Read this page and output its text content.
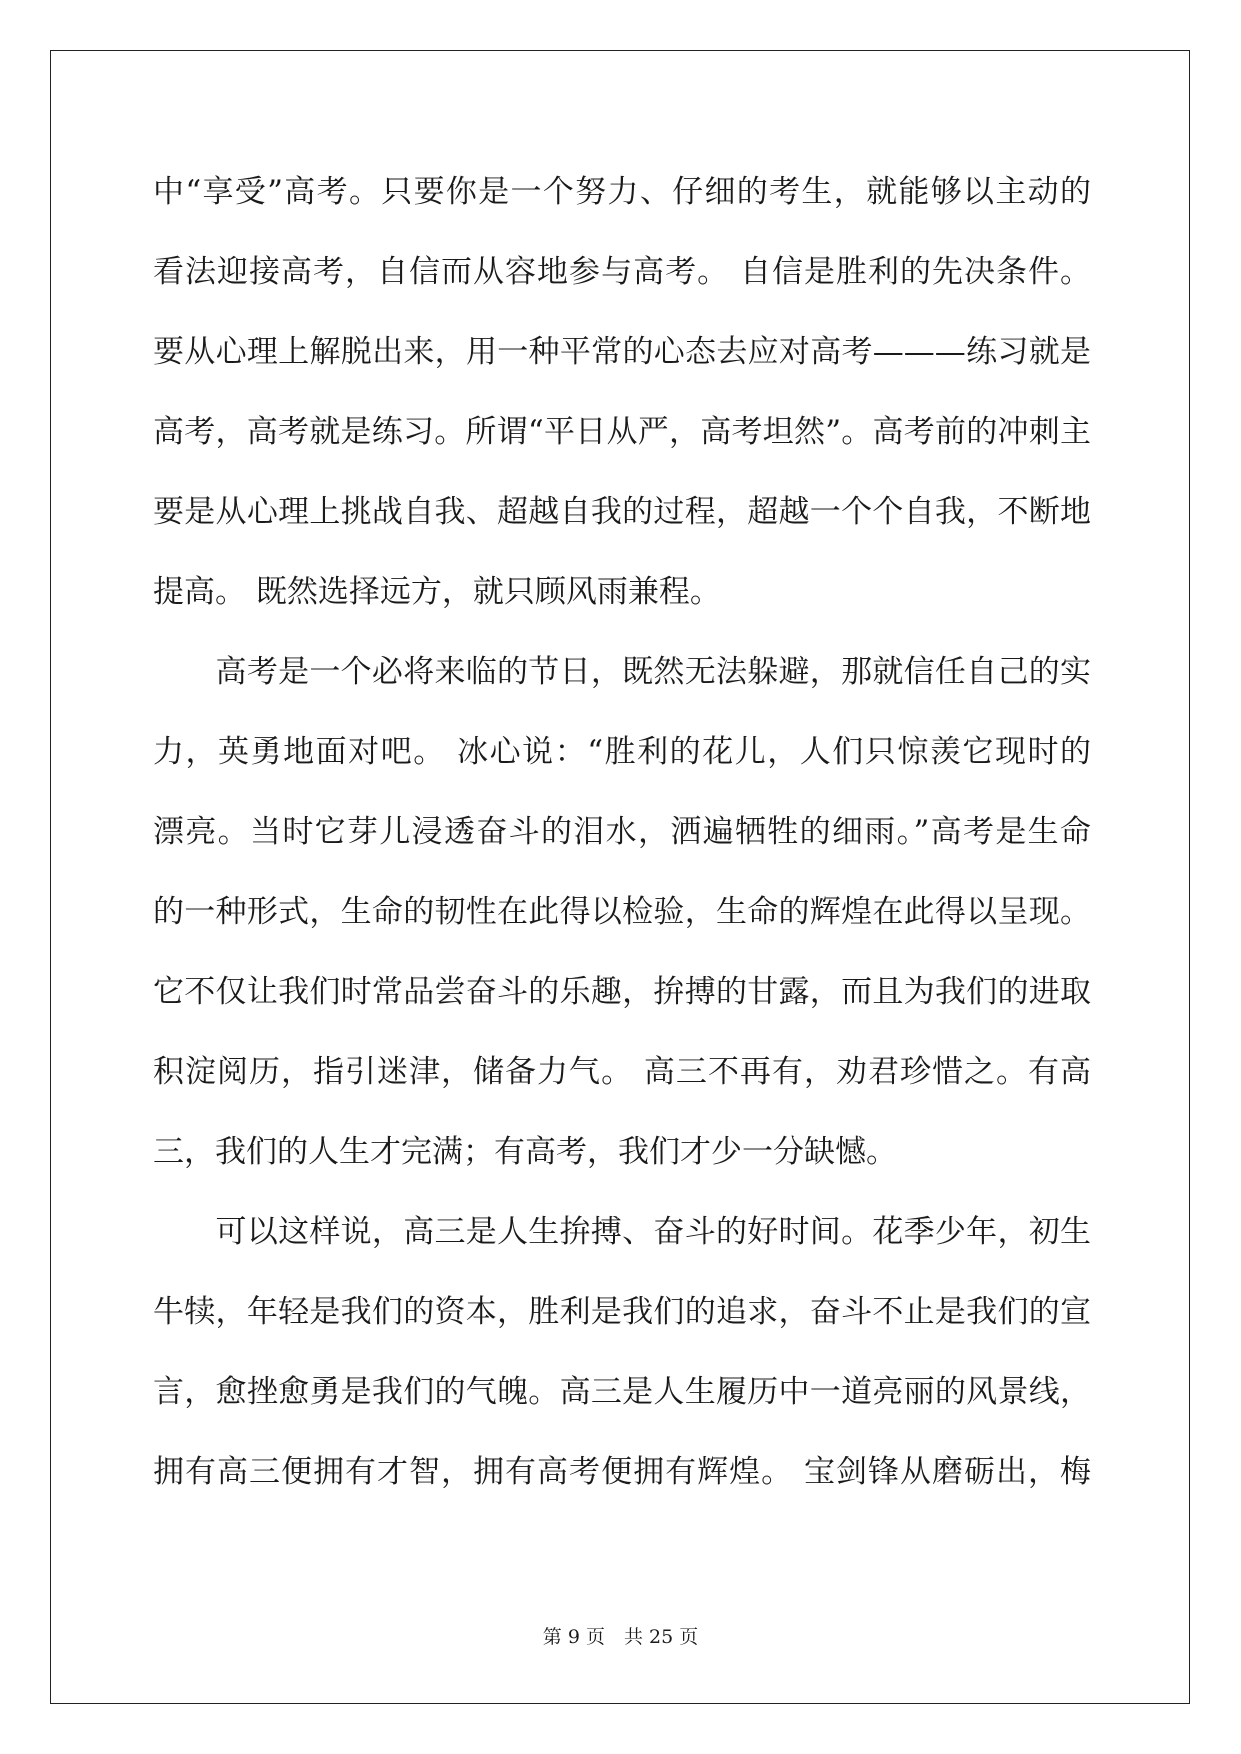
中“享受”高考。只要你是一个努力、仔细的考生，就能够以主动的
看法迎接高考，自信而从容地参与高考。 自信是胜利的先决条件。
要从心理上解脱出来，用一种平常的心态去应对高考———练习就是
高考，高考就是练习。所谓“平日从严，高考坦然”。高考前的冲刺主
要是从心理上挑战自我、超越自我的过程，超越一个个自我，不断地
提高。 既然选择远方，就只顾风雨兼程。
　　高考是一个必将来临的节日，既然无法躲避，那就信任自己的实
力，英勇地面对吧。 冰心说：“胜利的花儿，人们只惊羡它现时的
漂亮。当时它芽儿浸透奋斗的泪水，洒遍牺牲的细雨。”高考是生命
的一种形式，生命的韧性在此得以检验，生命的辉煌在此得以呈现。
它不仅让我们时常品尝奋斗的乐趣，拚搏的甘露，而且为我们的进取
积淀阅历，指引迷津，储备力气。 高三不再有，劝君珍惜之。有高
三，我们的人生才完满；有高考，我们才少一分缺憾。
　　可以这样说，高三是人生拚搏、奋斗的好时间。花季少年，初生
牛犊，年轻是我们的资本，胜利是我们的追求，奋斗不止是我们的宣
言，愈挫愈勇是我们的气魄。高三是人生履历中一道亮丽的风景线，
拥有高三便拥有才智，拥有高考便拥有辉煌。 宝剑锋从磨砺出，梅
第 9 页　共 25 页
